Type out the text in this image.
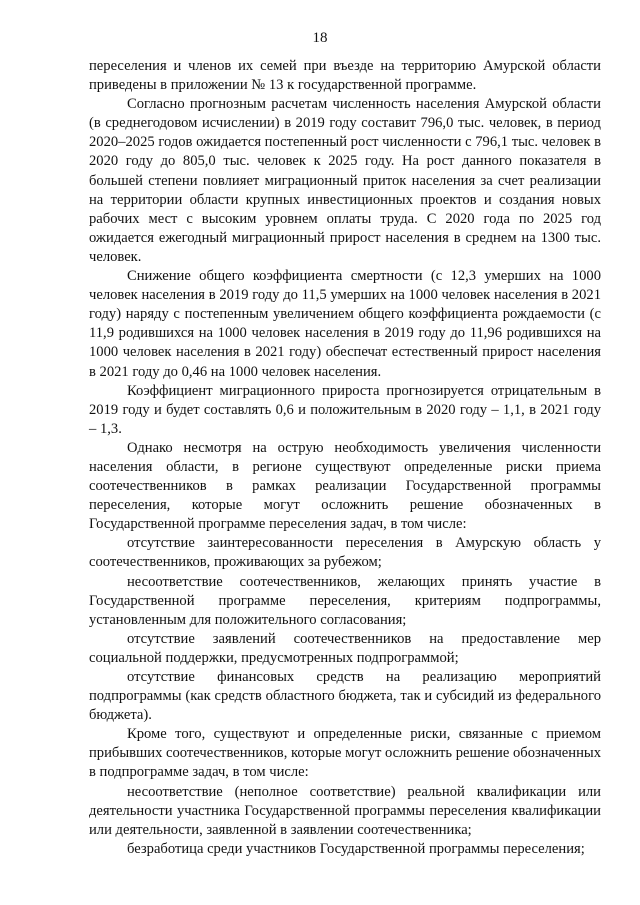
18

переселения и членов их семей при въезде на территорию Амурской области приведены в приложении № 13 к государственной программе.

Согласно прогнозным расчетам численность населения Амурской области (в среднегодовом исчислении) в 2019 году составит 796,0 тыс. человек, в период 2020–2025 годов ожидается постепенный рост численности с 796,1 тыс. человек в 2020 году до 805,0 тыс. человек к 2025 году. На рост данного показателя в большей степени повлияет миграционный приток населения за счет реализации на территории области крупных инвестиционных проектов и создания новых рабочих мест с высоким уровнем оплаты труда. С 2020 года по 2025 год ожидается ежегодный миграционный прирост населения в среднем на 1300 тыс. человек.

Снижение общего коэффициента смертности (с 12,3 умерших на 1000 человек населения в 2019 году до 11,5 умерших на 1000 человек населения в 2021 году) наряду с постепенным увеличением общего коэффициента рождаемости (с 11,9 родившихся на 1000 человек населения в 2019 году до 11,96 родившихся на 1000 человек населения в 2021 году) обеспечат естественный прирост населения в 2021 году до 0,46 на 1000 человек населения.

Коэффициент миграционного прироста прогнозируется отрицательным в 2019 году и будет составлять 0,6 и положительным в 2020 году – 1,1, в 2021 году – 1,3.

Однако несмотря на острую необходимость увеличения численности населения области, в регионе существуют определенные риски приема соотечественников в рамках реализации Государственной программы переселения, которые могут осложнить решение обозначенных в Государственной программе переселения задач, в том числе:

отсутствие заинтересованности переселения в Амурскую область у соотечественников, проживающих за рубежом;

несоответствие соотечественников, желающих принять участие в Государственной программе переселения, критериям подпрограммы, установленным для положительного согласования;

отсутствие заявлений соотечественников на предоставление мер социальной поддержки, предусмотренных подпрограммой;

отсутствие финансовых средств на реализацию мероприятий подпрограммы (как средств областного бюджета, так и субсидий из федерального бюджета).

Кроме того, существуют и определенные риски, связанные с приемом прибывших соотечественников, которые могут осложнить решение обозначенных в подпрограмме задач, в том числе:

несоответствие (неполное соответствие) реальной квалификации или деятельности участника Государственной программы переселения квалификации или деятельности, заявленной в заявлении соотечественника;

безработица среди участников Государственной программы переселения;
